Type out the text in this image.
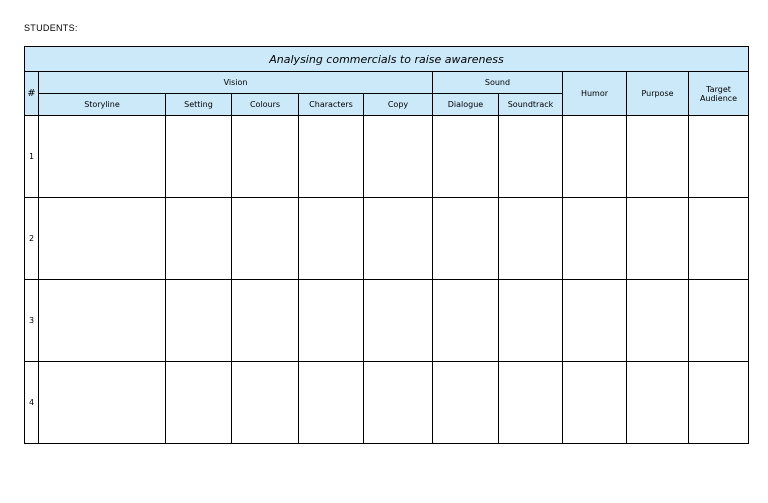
STUDENTS:
Analysing commercials to raise awareness										
#	Vision					Sound		Humor	Purpose	Target Audience
	Storyline	Setting	Colours	Characters	Copy	Dialogue	Soundtrack			
1										
2										
3										
4										
